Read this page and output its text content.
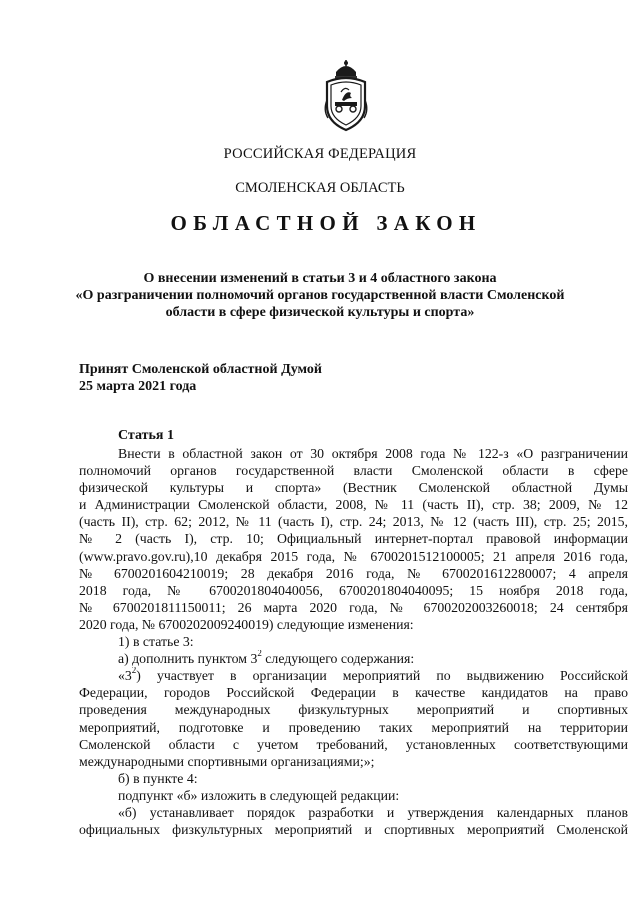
РОССИЙСКАЯ ФЕДЕРАЦИЯ
СМОЛЕНСКАЯ ОБЛАСТЬ
ОБЛАСТНОЙ ЗАКОН
О внесении изменений в статьи 3 и 4 областного закона
«О разграничении полномочий органов государственной власти Смоленской
области в сфере физической культуры и спорта»
Принят Смоленской областной Думой
25 марта 2021 года
Статья 1
Внести в областной закон от 30 октября 2008 года № 122-з «О разграничении
полномочий органов государственной власти Смоленской области в сфере
физической культуры и спорта» (Вестник Смоленской областной Думы
и Администрации Смоленской области, 2008, № 11 (часть II), стр. 38; 2009, № 12
(часть II), стр. 62; 2012, № 11 (часть I), стр. 24; 2013, № 12 (часть III), стр. 25; 2015,
№ 2 (часть I), стр. 10; Официальный интернет-портал правовой информации
(www.pravo.gov.ru),10 декабря 2015 года, № 6700201512100005; 21 апреля 2016 года,
№ 6700201604210019; 28 декабря 2016 года, № 6700201612280007; 4 апреля
2018 года, № 6700201804040056, 6700201804040095; 15 ноября 2018 года,
№ 6700201811150011; 26 марта 2020 года, № 6700202003260018; 24 сентября
2020 года, № 6700202009240019) следующие изменения:
1) в статье 3:
а) дополнить пунктом $3^2$ следующего содержания:
«$3^2$) участвует в организации мероприятий по выдвижению Российской
Федерации, городов Российской Федерации в качестве кандидатов на право
проведения международных физкультурных мероприятий и спортивных
мероприятий, подготовке и проведению таких мероприятий на территории
Смоленской области с учетом требований, установленных соответствующими
международными спортивными организациями;»;
б) в пункте 4:
подпункт «б» изложить в следующей редакции:
«б) устанавливает порядок разработки и утверждения календарных планов
официальных физкультурных мероприятий и спортивных мероприятий Смоленской
